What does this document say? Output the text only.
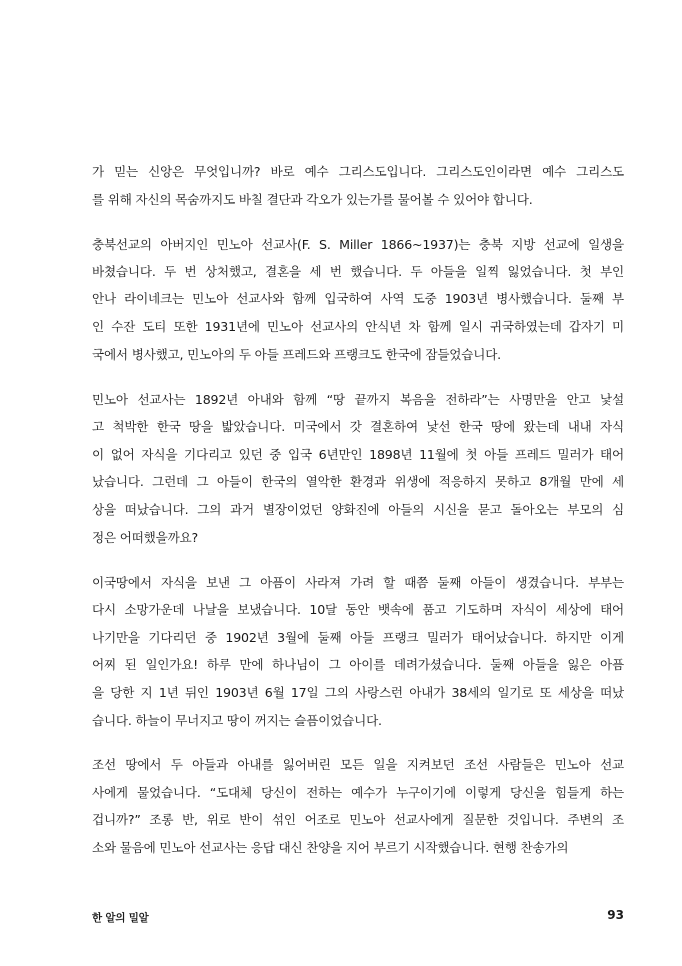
가 믿는 신앙은 무엇입니까? 바로 예수 그리스도입니다. 그리스도인이라면 예수 그리스도
를 위해 자신의 목숨까지도 바칠 결단과 각오가 있는가를 물어볼 수 있어야 합니다.
충북선교의 아버지인 민노아 선교사(F. S. Miller 1866~1937)는 충북 지방 선교에 일생을
바쳤습니다. 두 번 상처했고, 결혼을 세 번 했습니다. 두 아들을 일찍 잃었습니다. 첫 부인
안나 라이네크는 민노아 선교사와 함께 입국하여 사역 도중 1903년 병사했습니다. 둘째 부
인 수잔 도티 또한 1931년에 민노아 선교사의 안식년 차 함께 일시 귀국하였는데 갑자기 미
국에서 병사했고, 민노아의 두 아들 프레드와 프랭크도 한국에 잠들었습니다.
민노아 선교사는 1892년 아내와 함께 “땅 끝까지 복음을 전하라”는 사명만을 안고 낯설
고 척박한 한국 땅을 밟았습니다. 미국에서 갓 결혼하여 낯선 한국 땅에 왔는데 내내 자식
이 없어 자식을 기다리고 있던 중 입국 6년만인 1898년 11월에 첫 아들 프레드 밀러가 태어
났습니다. 그런데 그 아들이 한국의 열악한 환경과 위생에 적응하지 못하고 8개월 만에 세
상을 떠났습니다. 그의 과거 별장이었던 양화진에 아들의 시신을 묻고 돌아오는 부모의 심
정은 어떠했을까요?
이국땅에서 자식을 보낸 그 아픔이 사라져 가려 할 때쯤 둘째 아들이 생겼습니다. 부부는
다시 소망가운데 나날을 보냈습니다. 10달 동안 뱃속에 품고 기도하며 자식이 세상에 태어
나기만을 기다리던 중 1902년 3월에 둘째 아들 프랭크 밀러가 태어났습니다. 하지만 이게
어찌 된 일인가요! 하루 만에 하나님이 그 아이를 데려가셨습니다. 둘째 아들을 잃은 아픔
을 당한 지 1년 뒤인 1903년 6월 17일 그의 사랑스런 아내가 38세의 일기로 또 세상을 떠났
습니다. 하늘이 무너지고 땅이 꺼지는 슬픔이었습니다.
조선 땅에서 두 아들과 아내를 잃어버린 모든 일을 지켜보던 조선 사람들은 민노아 선교
사에게 물었습니다. “도대체 당신이 전하는 예수가 누구이기에 이렇게 당신을 힘들게 하는
겁니까?” 조롱 반, 위로 반이 섞인 어조로 민노아 선교사에게 질문한 것입니다. 주변의 조
소와 물음에 민노아 선교사는 응답 대신 찬양을 지어 부르기 시작했습니다. 현행 찬송가의
한 알의 밀알	93
